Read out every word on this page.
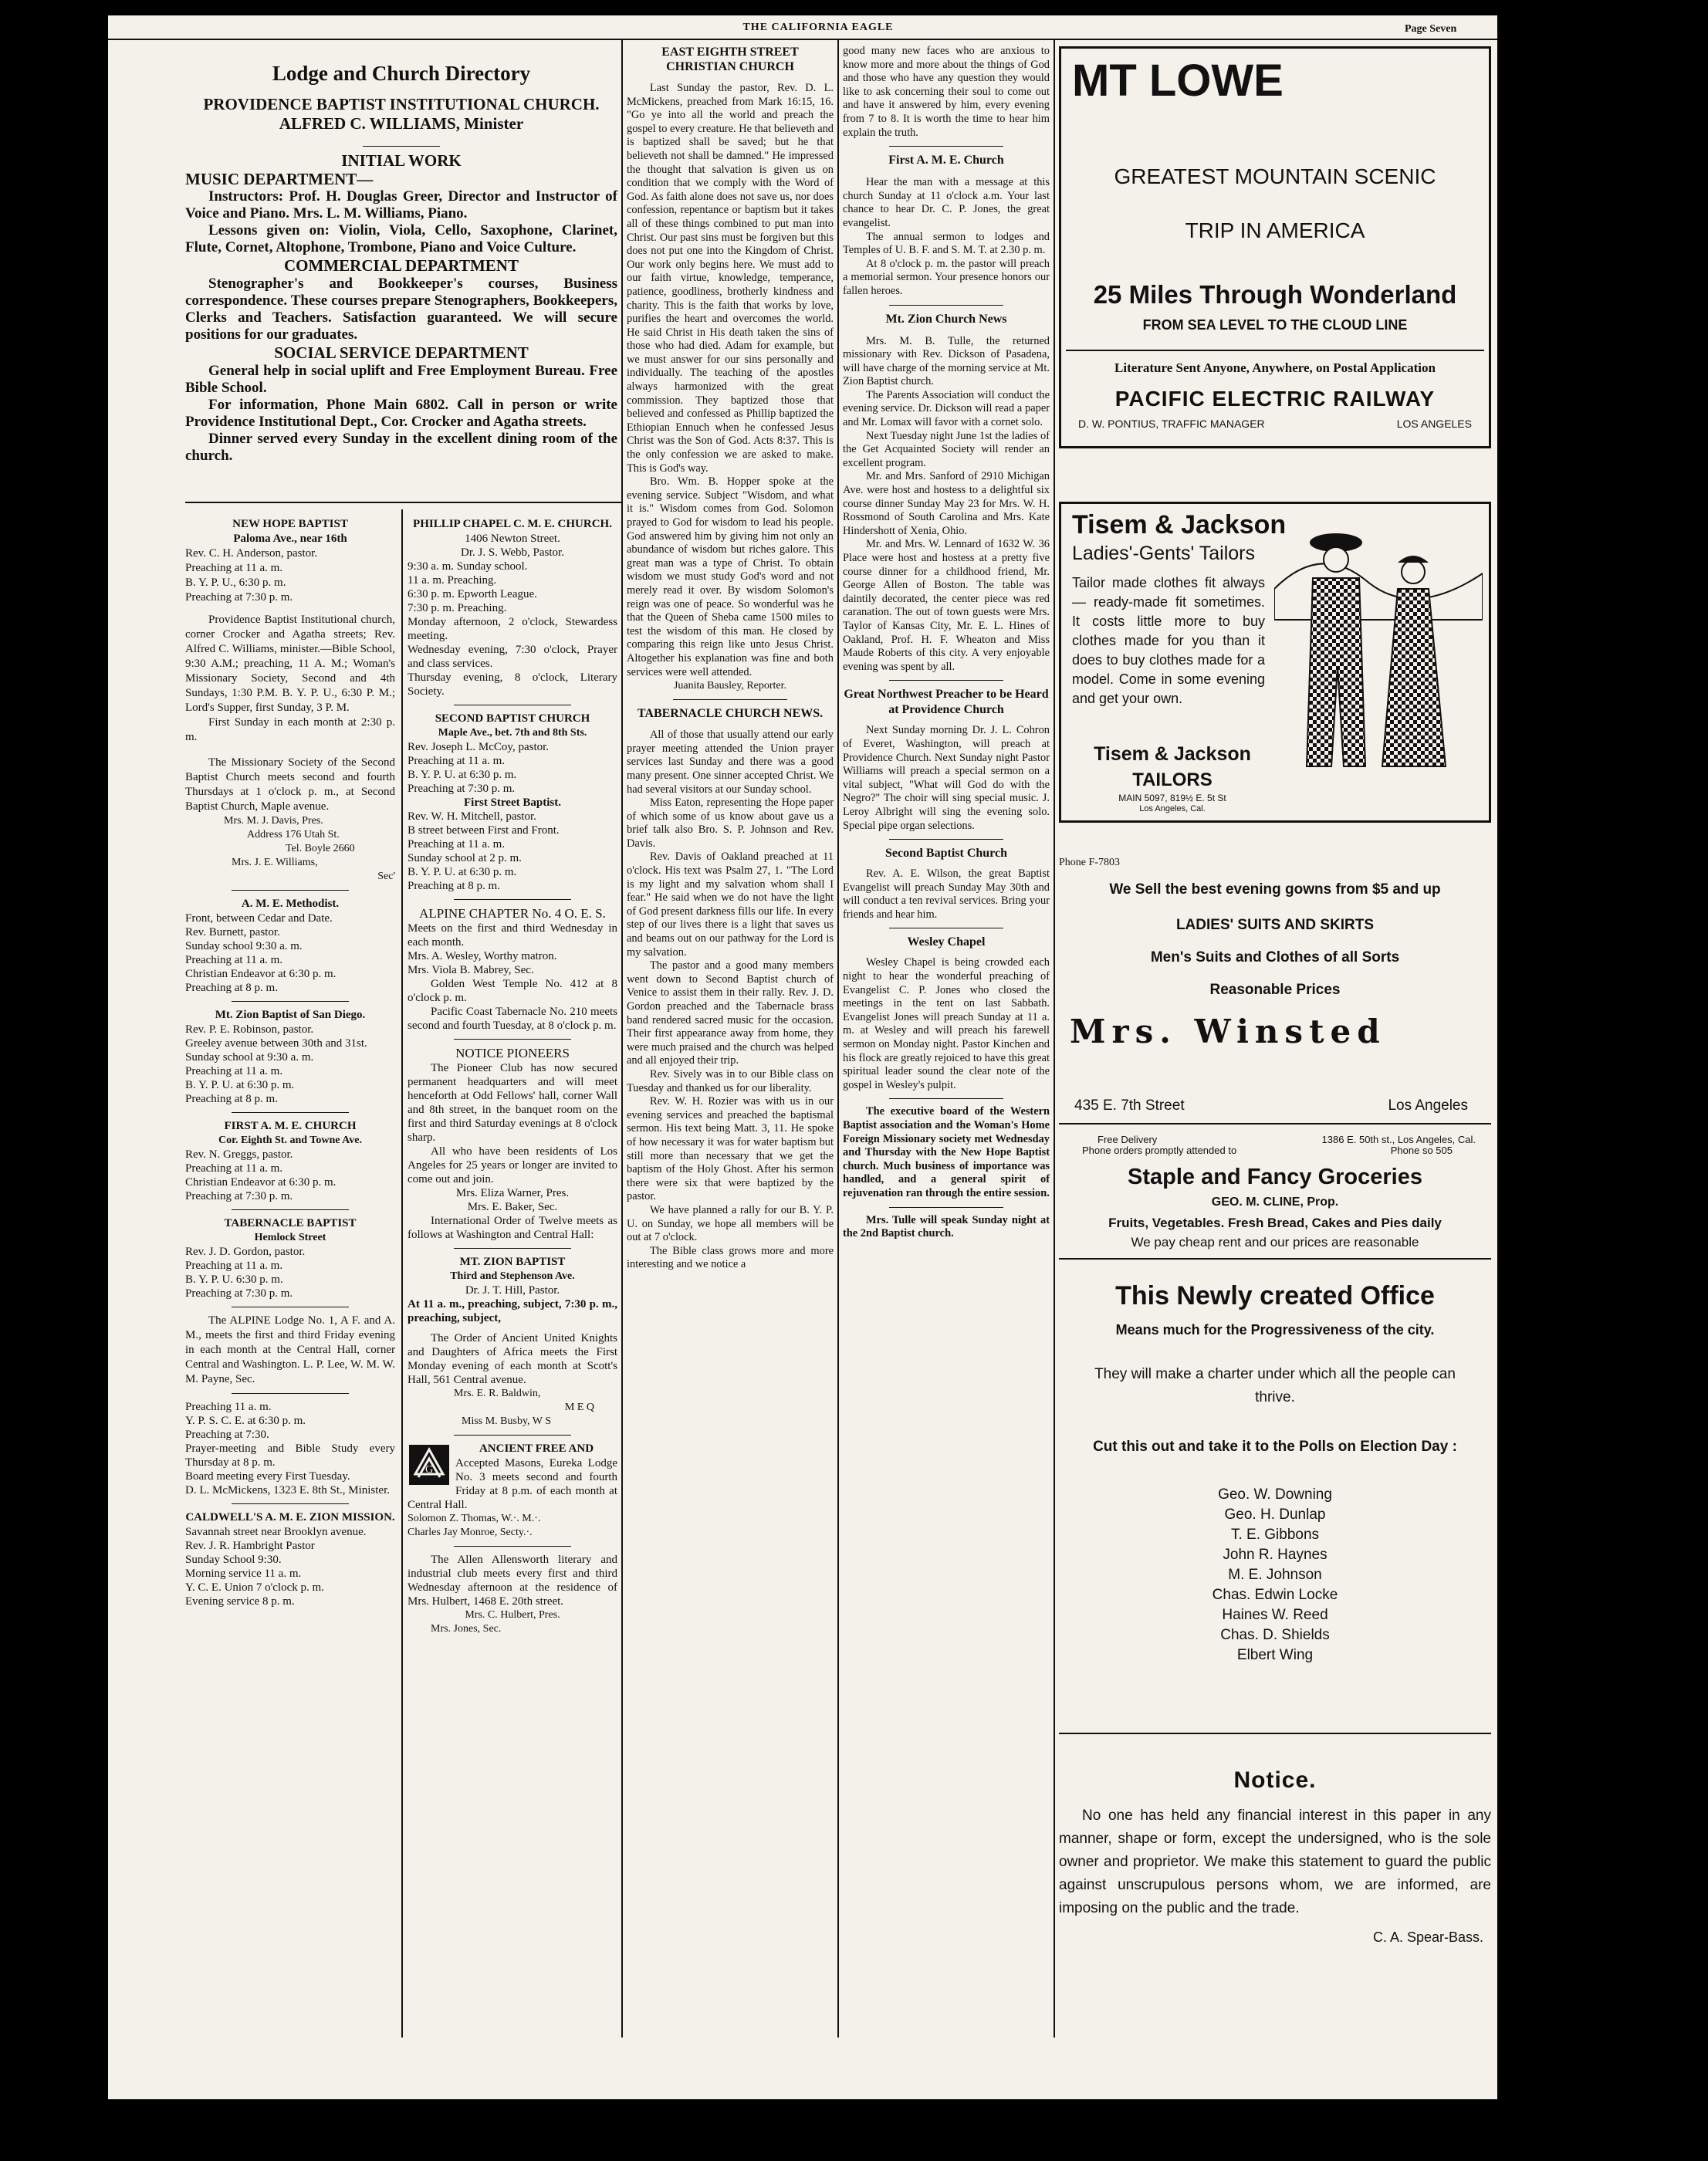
THE CALIFORNIA EAGLE	Page Seven
Lodge and Church Directory
PROVIDENCE BAPTIST INSTITUTIONAL CHURCH.
ALFRED C. WILLIAMS, Minister
INITIAL WORK
MUSIC DEPARTMENT—

Instructors: Prof. H. Douglas Greer, Director and Instructor of Voice and Piano. Mrs. L. M. Williams, Piano.

Lessons given on: Violin, Viola, Cello, Saxophone, Clarinet, Flute, Cornet, Altophone, Trombone, Piano and Voice Culture.

COMMERCIAL DEPARTMENT

Stenographer's and Bookkeeper's courses, Business correspondence. These courses prepare Stenographers, Bookkeepers, Clerks and Teachers. Satisfaction guaranteed. We will secure positions for our graduates.

SOCIAL SERVICE DEPARTMENT

General help in social uplift and Free Employment Bureau. Free Bible School.

For information, Phone Main 6802. Call in person or write Providence Institutional Dept., Cor. Crocker and Agatha streets.

Dinner served every Sunday in the excellent dining room of the church.

NEW HOPE BAPTIST
Paloma Ave., near 16th

Rev. C. H. Anderson, pastor.

Preaching at 11 a. m.

B. Y. P. U., 6:30 p. m.

Preaching at 7:30 p. m.

Providence Baptist Institutional church, corner Crocker and Agatha streets; Rev. Alfred C. Williams, minister.—Bible School, 9:30 A.M.; preaching, 11 A. M.; Woman's Missionary Society, Second and 4th Sundays, 1:30 P.M. B. Y. P. U., 6:30 P. M.; Lord's Supper, first Sunday, 3 P. M.

First Sunday in each month at 2:30 p. m.

The Missionary Society of the Second Baptist Church meets second and fourth Thursdays at 1 o'clock p. m., at Second Baptist Church, Maple avenue.

Mrs. M. J. Davis, Pres.

Address 176 Utah St.

Tel. Boyle 2660

Mrs. J. E. Williams,

Sec'

A. M. E. Methodist.

Front, between Cedar and Date.

Rev. Burnett, pastor.

Sunday school 9:30 a. m.

Preaching at 11 a. m.

Christian Endeavor at 6:30 p. m.

Preaching at 8 p. m.

Mt. Zion Baptist of San Diego.

Rev. P. E. Robinson, pastor.

Greeley avenue between 30th and 31st.

Sunday school at 9:30 a. m.

Preaching at 11 a. m.

B. Y. P. U. at 6:30 p. m.

Preaching at 8 p. m.

FIRST A. M. E. CHURCH
Cor. Eighth St. and Towne Ave.

Rev. N. Greggs, pastor.

Preaching at 11 a. m.

Christian Endeavor at 6:30 p. m.

Preaching at 7:30 p. m.

TABERNACLE BAPTIST
Hemlock Street

Rev. J. D. Gordon, pastor.

Preaching at 11 a. m.

B. Y. P. U. 6:30 p. m.

Preaching at 7:30 p. m.

The ALPINE Lodge No. 1, A F. and A. M., meets the first and third Friday evening in each month at the Central Hall, corner Central and Washington. L. P. Lee, W. M. W. M. Payne, Sec.

Preaching 11 a. m.

Y. P. S. C. E. at 6:30 p. m.

Preaching at 7:30.

Prayer-meeting and Bible Study every Thursday at 8 p. m.

Board meeting every First Tuesday.

D. L. McMickens, 1323 E. 8th St., Minister.

CALDWELL'S A. M. E. ZION MISSION.

Savannah street near Brooklyn avenue.

Rev. J. R. Hambright Pastor

Sunday School 9:30.

Morning service 11 a. m.

Y. C. E. Union 7 o'clock p. m.

Evening service 8 p. m.

PHILLIP CHAPEL C. M. E. CHURCH.
1406 Newton Street.
Dr. J. S. Webb, Pastor.

9:30 a. m. Sunday school.

11 a. m. Preaching.

6:30 p. m. Epworth League.

7:30 p. m. Preaching.

Monday afternoon, 2 o'clock, Stewardess meeting.

Wednesday evening, 7:30 o'clock, Prayer and class services.

Thursday evening, 8 o'clock, Literary Society.

SECOND BAPTIST CHURCH
Maple Ave., bet. 7th and 8th Sts.

Rev. Joseph L. McCoy, pastor.

Preaching at 11 a. m.

B. Y. P. U. at 6:30 p. m.

Preaching at 7:30 p. m.

First Street Baptist.

Rev. W. H. Mitchell, pastor.

B street between First and Front.

Preaching at 11 a. m.

Sunday school at 2 p. m.

B. Y. P. U. at 6:30 p. m.

Preaching at 8 p. m.

ALPINE CHAPTER No. 4 O. E. S.

Meets on the first and third Wednesday in each month.

Mrs. A. Wesley, Worthy matron.

Mrs. Viola B. Mabrey, Sec.

Golden West Temple No. 412 at 8 o'clock p. m.

Pacific Coast Tabernacle No. 210 meets second and fourth Tuesday, at 8 o'clock p. m.

NOTICE PIONEERS

The Pioneer Club has now secured permanent headquarters and will meet henceforth at Odd Fellows' hall, corner Wall and 8th street, in the banquet room on the first and third Saturday evenings at 8 o'clock sharp.

All who have been residents of Los Angeles for 25 years or longer are invited to come out and join.

Mrs. Eliza Warner, Pres.

Mrs. E. Baker, Sec.

International Order of Twelve meets as follows at Washington and Central Hall:

MT. ZION BAPTIST
Third and Stephenson Ave.
Dr. J. T. Hill, Pastor.

At 11 a. m., preaching, subject, 7:30 p. m., preaching, subject,

The Order of Ancient United Knights and Daughters of Africa meets the First Monday evening of each month at Scott's Hall, 561 Central avenue.

Mrs. E. R. Baldwin,

M E Q

Miss M. Busby, W S

G
ANCIENT FREE AND

Accepted Masons, Eureka Lodge No. 3 meets second and fourth Friday at 8 p.m. of each month at Central Hall.

Solomon Z. Thomas, W.·. M.·.

Charles Jay Monroe, Secty.·.

The Allen Allensworth literary and industrial club meets every first and third Wednesday afternoon at the residence of Mrs. Hulbert, 1468 E. 20th street.

Mrs. C. Hulbert, Pres.

Mrs. Jones, Sec.

EAST EIGHTH STREET CHRISTIAN CHURCH

Last Sunday the pastor, Rev. D. L. McMickens, preached from Mark 16:15, 16. "Go ye into all the world and preach the gospel to every creature. He that believeth and is baptized shall be saved; but he that believeth not shall be damned." He impressed the thought that salvation is given us on condition that we comply with the Word of God. As faith alone does not save us, nor does confession, repentance or baptism but it takes all of these things combined to put man into Christ. Our past sins must be forgiven but this does not put one into the Kingdom of Christ. Our work only begins here. We must add to our faith virtue, knowledge, temperance, patience, goodliness, brotherly kindness and charity. This is the faith that works by love, purifies the heart and overcomes the world. He said Christ in His death taken the sins of those who had died. Adam for example, but we must answer for our sins personally and individually. The teaching of the apostles always harmonized with the great commission. They baptized those that believed and confessed as Phillip baptized the Ethiopian Ennuch when he confessed Jesus Christ was the Son of God. Acts 8:37. This is the only confession we are asked to make. This is God's way.

Bro. Wm. B. Hopper spoke at the evening service. Subject "Wisdom, and what it is." Wisdom comes from God. Solomon prayed to God for wisdom to lead his people. God answered him by giving him not only an abundance of wisdom but riches galore. This great man was a type of Christ. To obtain wisdom we must study God's word and not merely read it over. By wisdom Solomon's reign was one of peace. So wonderful was he that the Queen of Sheba came 1500 miles to test the wisdom of this man. He closed by comparing this reign like unto Jesus Christ. Altogether his explanation was fine and both services were well attended.

Juanita Bausley, Reporter.

TABERNACLE CHURCH NEWS.

All of those that usually attend our early prayer meeting attended the Union prayer services last Sunday and there was a good many present. One sinner accepted Christ. We had several visitors at our Sunday school.

Miss Eaton, representing the Hope paper of which some of us know about gave us a brief talk also Bro. S. P. Johnson and Rev. Davis.

Rev. Davis of Oakland preached at 11 o'clock. His text was Psalm 27, 1. "The Lord is my light and my salvation whom shall I fear." He said when we do not have the light of God present darkness fills our life. In every step of our lives there is a light that saves us and beams out on our pathway for the Lord is my salvation.

The pastor and a good many members went down to Second Baptist church of Venice to assist them in their rally. Rev. J. D. Gordon preached and the Tabernacle brass band rendered sacred music for the occasion. Their first appearance away from home, they were much praised and the church was helped and all enjoyed their trip.

Rev. Sively was in to our Bible class on Tuesday and thanked us for our liberality.

Rev. W. H. Rozier was with us in our evening services and preached the baptismal sermon. His text being Matt. 3, 11. He spoke of how necessary it was for water baptism but still more than necessary that we get the baptism of the Holy Ghost. After his sermon there were six that were baptized by the pastor.

We have planned a rally for our B. Y. P. U. on Sunday, we hope all members will be out at 7 o'clock.

The Bible class grows more and more interesting and we notice a

good many new faces who are anxious to know more and more about the things of God and those who have any question they would like to ask concerning their soul to come out and have it answered by him, every evening from 7 to 8. It is worth the time to hear him explain the truth.

First A. M. E. Church

Hear the man with a message at this church Sunday at 11 o'clock a.m. Your last chance to hear Dr. C. P. Jones, the great evangelist.

The annual sermon to lodges and Temples of U. B. F. and S. M. T. at 2.30 p. m.

At 8 o'clock p. m. the pastor will preach a memorial sermon. Your presence honors our fallen heroes.

Mt. Zion Church News

Mrs. M. B. Tulle, the returned missionary with Rev. Dickson of Pasadena, will have charge of the morning service at Mt. Zion Baptist church.

The Parents Association will conduct the evening service. Dr. Dickson will read a paper and Mr. Lomax will favor with a cornet solo.

Next Tuesday night June 1st the ladies of the Get Acquainted Society will render an excellent program.

Mr. and Mrs. Sanford of 2910 Michigan Ave. were host and hostess to a delightful six course dinner Sunday May 23 for Mrs. W. H. Rossmond of South Carolina and Mrs. Kate Hindershott of Xenia, Ohio.

Mr. and Mrs. W. Lennard of 1632 W. 36 Place were host and hostess at a pretty five course dinner for a childhood friend, Mr. George Allen of Boston. The table was daintily decorated, the center piece was red caranation. The out of town guests were Mrs. Taylor of Kansas City, Mr. E. L. Hines of Oakland, Prof. H. F. Wheaton and Miss Maude Roberts of this city. A very enjoyable evening was spent by all.

Great Northwest Preacher to be Heard at Providence Church

Next Sunday morning Dr. J. L. Cohron of Everet, Washington, will preach at Providence Church. Next Sunday night Pastor Williams will preach a special sermon on a vital subject, "What will God do with the Negro?" The choir will sing special music. J. Leroy Albright will sing the evening solo. Special pipe organ selections.

Second Baptist Church

Rev. A. E. Wilson, the great Baptist Evangelist will preach Sunday May 30th and will conduct a ten revival services. Bring your friends and hear him.

Wesley Chapel

Wesley Chapel is being crowded each night to hear the wonderful preaching of Evangelist C. P. Jones who closed the meetings in the tent on last Sabbath. Evangelist Jones will preach Sunday at 11 a. m. at Wesley and will preach his farewell sermon on Monday night. Pastor Kinchen and his flock are greatly rejoiced to have this great spiritual leader sound the clear note of the gospel in Wesley's pulpit.

The executive board of the Western Baptist association and the Woman's Home Foreign Missionary society met Wednesday and Thursday with the New Hope Baptist church. Much business of importance was handled, and a general spirit of rejuvenation ran through the entire session.

Mrs. Tulle will speak Sunday night at the 2nd Baptist church.

MT LOWE
GREATEST MOUNTAIN SCENIC
TRIP IN AMERICA
25 Miles Through Wonderland
FROM SEA LEVEL TO THE CLOUD LINE
Literature Sent Anyone, Anywhere, on Postal Application
PACIFIC ELECTRIC RAILWAY
D. W. PONTIUS, TRAFFIC MANAGER	LOS ANGELES
Tisem & Jackson
Ladies'-Gents' Tailors
Tailor made clothes fit always — ready-made fit sometimes. It costs little more to buy clothes made for you than it does to buy clothes made for a model. Come in some evening and get your own.
Tisem & Jackson
TAILORS
MAIN 5097, 819½ E. 5t St
Los Angeles, Cal.
Phone F-7803
We Sell the best evening gowns from $5 and up
LADIES' SUITS AND SKIRTS
Men's Suits and Clothes of all Sorts
Reasonable Prices
Mrs. Winsted
435 E. 7th Street	Los Angeles
Free Delivery
Phone orders promptly attended to
1386 E. 50th st., Los Angeles, Cal.
Phone so 505
Staple and Fancy Groceries
GEO. M. CLINE, Prop.
Fruits, Vegetables. Fresh Bread, Cakes and Pies daily
We pay cheap rent and our prices are reasonable
This Newly created Office
Means much for the Progressiveness of the city.
They will make a charter under which all the people can thrive.
Cut this out and take it to the Polls on Election Day :
Geo. W. Downing
Geo. H. Dunlap
T. E. Gibbons
John R. Haynes
M. E. Johnson
Chas. Edwin Locke
Haines W. Reed
Chas. D. Shields
Elbert Wing
Notice.

No one has held any financial interest in this paper in any manner, shape or form, except the undersigned, who is the sole owner and proprietor. We make this statement to guard the public against unscrupulous persons whom, we are informed, are imposing on the public and the trade.

C. A. Spear-Bass.
